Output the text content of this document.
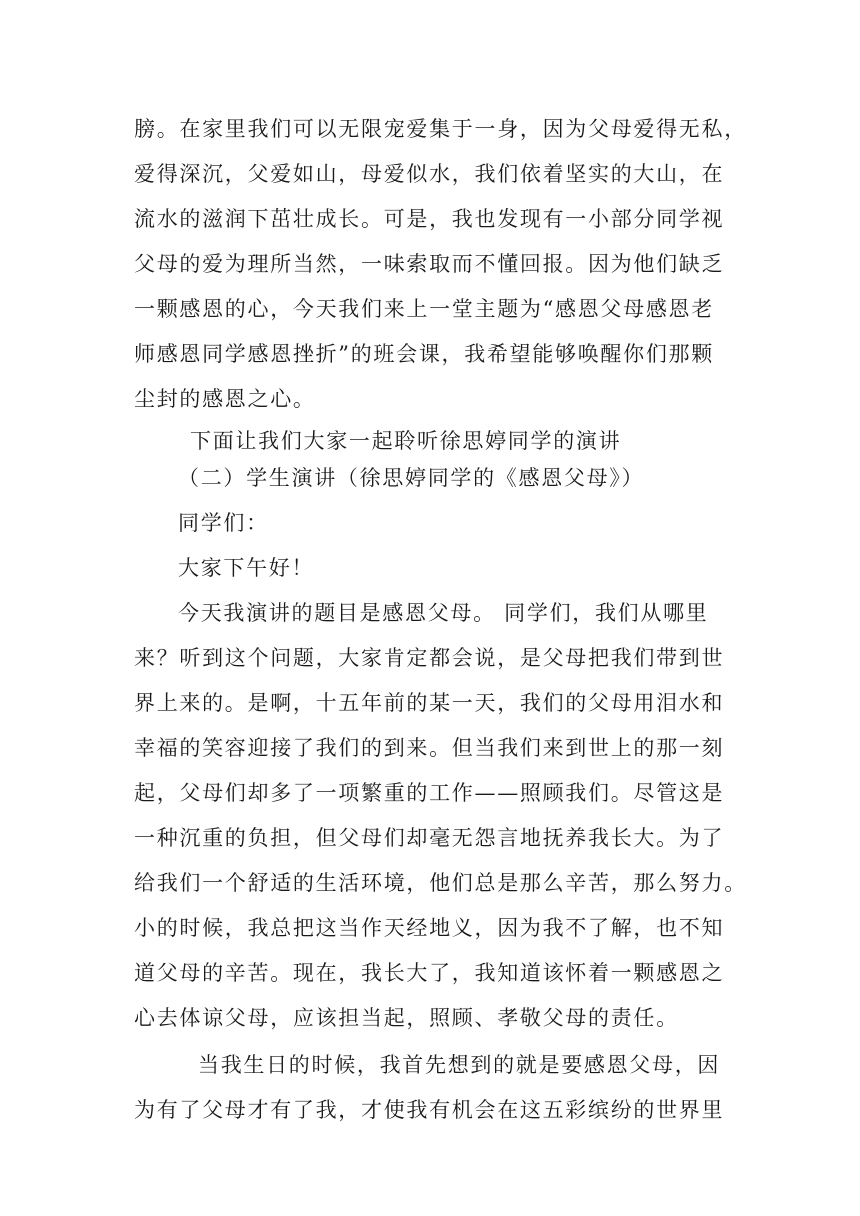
膀。在家里我们可以无限宠爱集于一身，因为父母爱得无私，
爱得深沉，父爱如山，母爱似水，我们依着坚实的大山，在
流水的滋润下茁壮成长。可是，我也发现有一小部分同学视
父母的爱为理所当然，一味索取而不懂回报。因为他们缺乏
一颗感恩的心，今天我们来上一堂主题为“感恩父母感恩老
师感恩同学感恩挫折”的班会课，我希望能够唤醒你们那颗
尘封的感恩之心。
下面让我们大家一起聆听徐思婷同学的演讲
（二）学生演讲（徐思婷同学的《感恩父母》）
同学们：
大家下午好！
今天我演讲的题目是感恩父母。 同学们，我们从哪里
来？听到这个问题，大家肯定都会说，是父母把我们带到世
界上来的。是啊，十五年前的某一天，我们的父母用泪水和
幸福的笑容迎接了我们的到来。但当我们来到世上的那一刻
起，父母们却多了一项繁重的工作——照顾我们。尽管这是
一种沉重的负担，但父母们却毫无怨言地抚养我长大。为了
给我们一个舒适的生活环境，他们总是那么辛苦，那么努力。
小的时候，我总把这当作天经地义，因为我不了解，也不知
道父母的辛苦。现在，我长大了，我知道该怀着一颗感恩之
心去体谅父母，应该担当起，照顾、孝敬父母的责任。
当我生日的时候，我首先想到的就是要感恩父母，因
为有了父母才有了我，才使我有机会在这五彩缤纷的世界里
